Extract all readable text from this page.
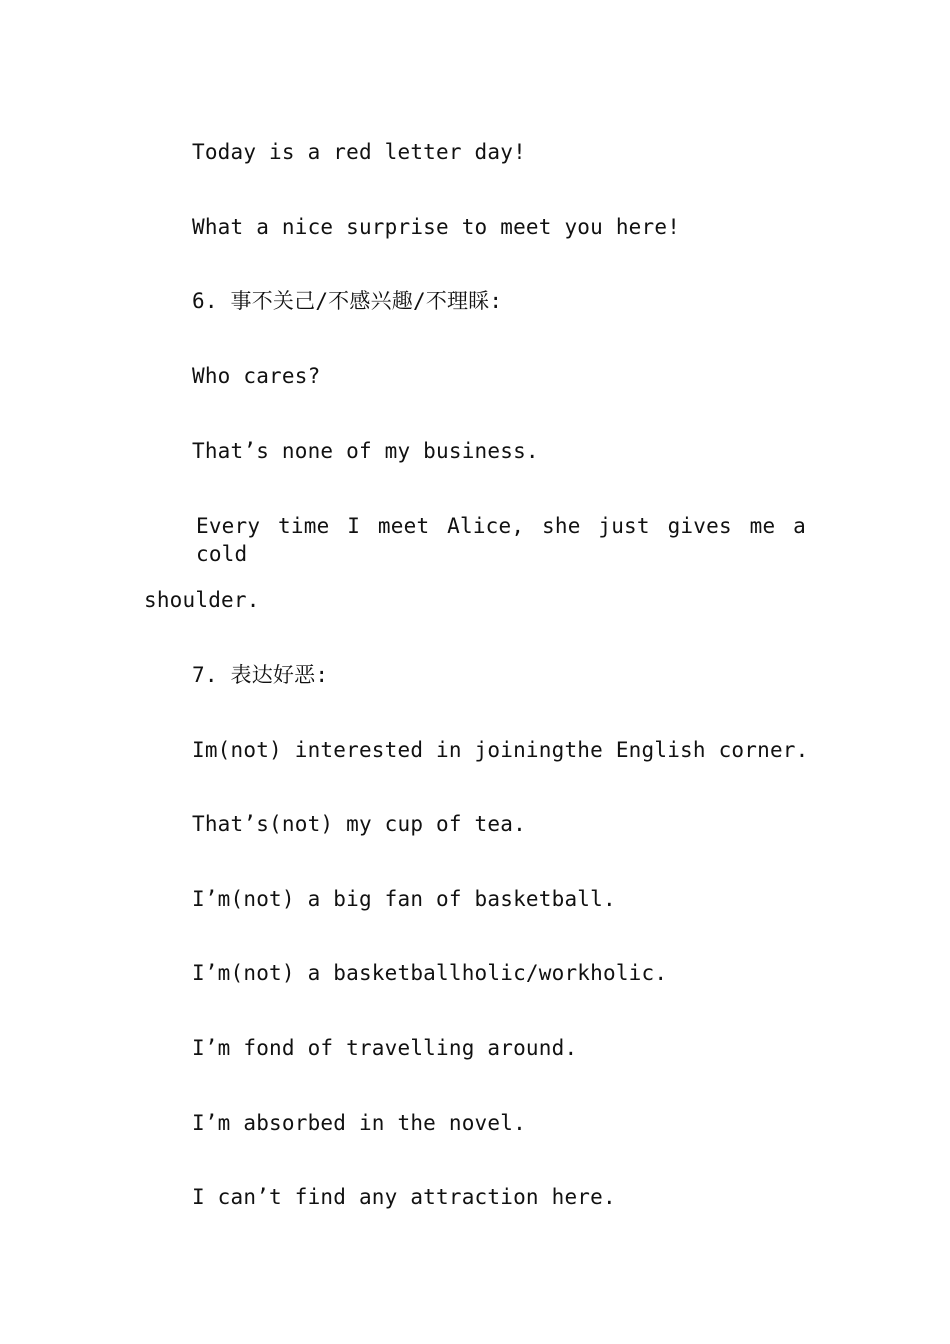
Today is a red letter day!
What a nice surprise to meet you here!
6. 事不关己/不感兴趣/不理睬:
Who cares?
That’s none of my business.
Every time I meet Alice, she just gives me a cold
shoulder.
7. 表达好恶:
Im(not) interested in joiningthe English corner.
That’s(not) my cup of tea.
I’m(not) a big fan of basketball.
I’m(not) a basketballholic/workholic.
I’m fond of travelling around.
I’m absorbed in the novel.
I can’t find any attraction here.
